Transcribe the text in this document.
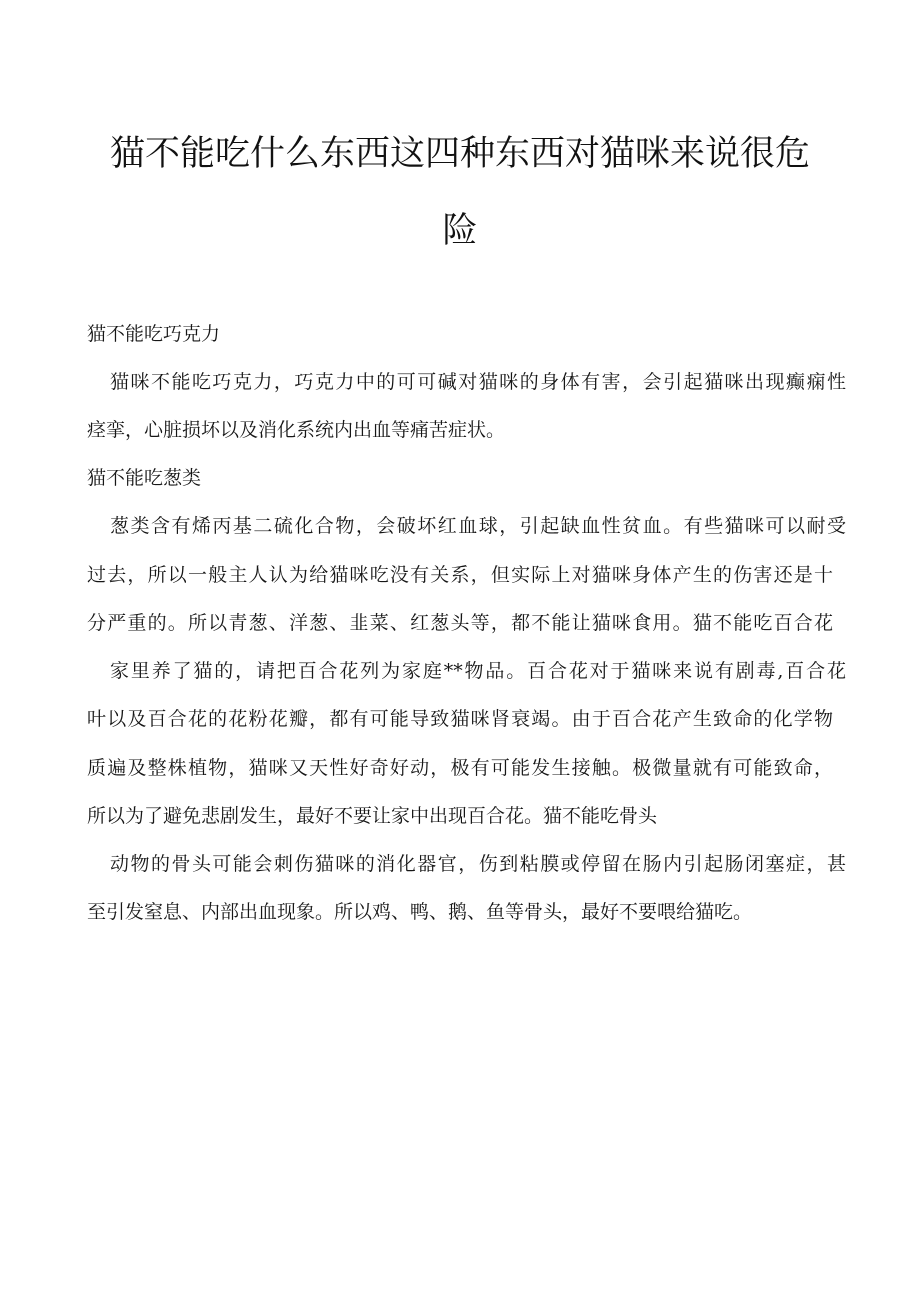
猫不能吃什么东西这四种东西对猫咪来说很危
险
猫不能吃巧克力
猫咪不能吃巧克力，巧克力中的可可碱对猫咪的身体有害，会引起猫咪出现癫痫性
痉挛，心脏损坏以及消化系统内出血等痛苦症状。
猫不能吃葱类
葱类含有烯丙基二硫化合物，会破坏红血球，引起缺血性贫血。有些猫咪可以耐受
过去，所以一般主人认为给猫咪吃没有关系，但实际上对猫咪身体产生的伤害还是十
分严重的。所以青葱、洋葱、韭菜、红葱头等，都不能让猫咪食用。猫不能吃百合花
家里养了猫的，请把百合花列为家庭**物品。百合花对于猫咪来说有剧毒,百合花
叶以及百合花的花粉花瓣，都有可能导致猫咪肾衰竭。由于百合花产生致命的化学物
质遍及整株植物，猫咪又天性好奇好动，极有可能发生接触。极微量就有可能致命，
所以为了避免悲剧发生，最好不要让家中出现百合花。猫不能吃骨头
动物的骨头可能会刺伤猫咪的消化器官，伤到粘膜或停留在肠内引起肠闭塞症，甚
至引发窒息、内部出血现象。所以鸡、鸭、鹅、鱼等骨头，最好不要喂给猫吃。
